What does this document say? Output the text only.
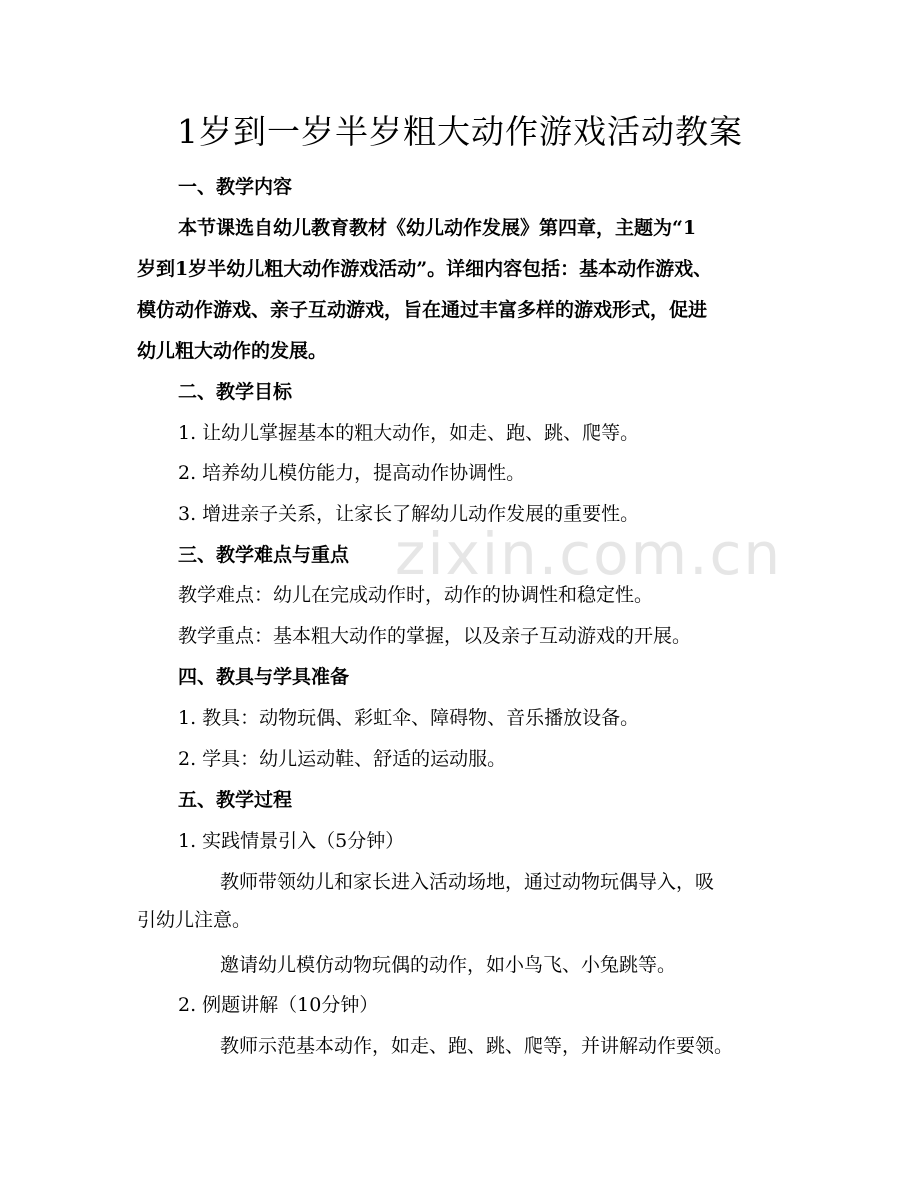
zixin.com.cn
1岁到一岁半岁粗大动作游戏活动教案
一、教学内容
本节课选自幼儿教育教材《幼儿动作发展》第四章，主题为“1
岁到1岁半幼儿粗大动作游戏活动”。详细内容包括：基本动作游戏、
模仿动作游戏、亲子互动游戏，旨在通过丰富多样的游戏形式，促进
幼儿粗大动作的发展。
二、教学目标
1. 让幼儿掌握基本的粗大动作，如走、跑、跳、爬等。
2. 培养幼儿模仿能力，提高动作协调性。
3. 增进亲子关系，让家长了解幼儿动作发展的重要性。
三、教学难点与重点
教学难点：幼儿在完成动作时，动作的协调性和稳定性。
教学重点：基本粗大动作的掌握，以及亲子互动游戏的开展。
四、教具与学具准备
1. 教具：动物玩偶、彩虹伞、障碍物、音乐播放设备。
2. 学具：幼儿运动鞋、舒适的运动服。
五、教学过程
1. 实践情景引入（5分钟）
教师带领幼儿和家长进入活动场地，通过动物玩偶导入，吸
引幼儿注意。
邀请幼儿模仿动物玩偶的动作，如小鸟飞、小兔跳等。
2. 例题讲解（10分钟）
教师示范基本动作，如走、跑、跳、爬等，并讲解动作要领。
